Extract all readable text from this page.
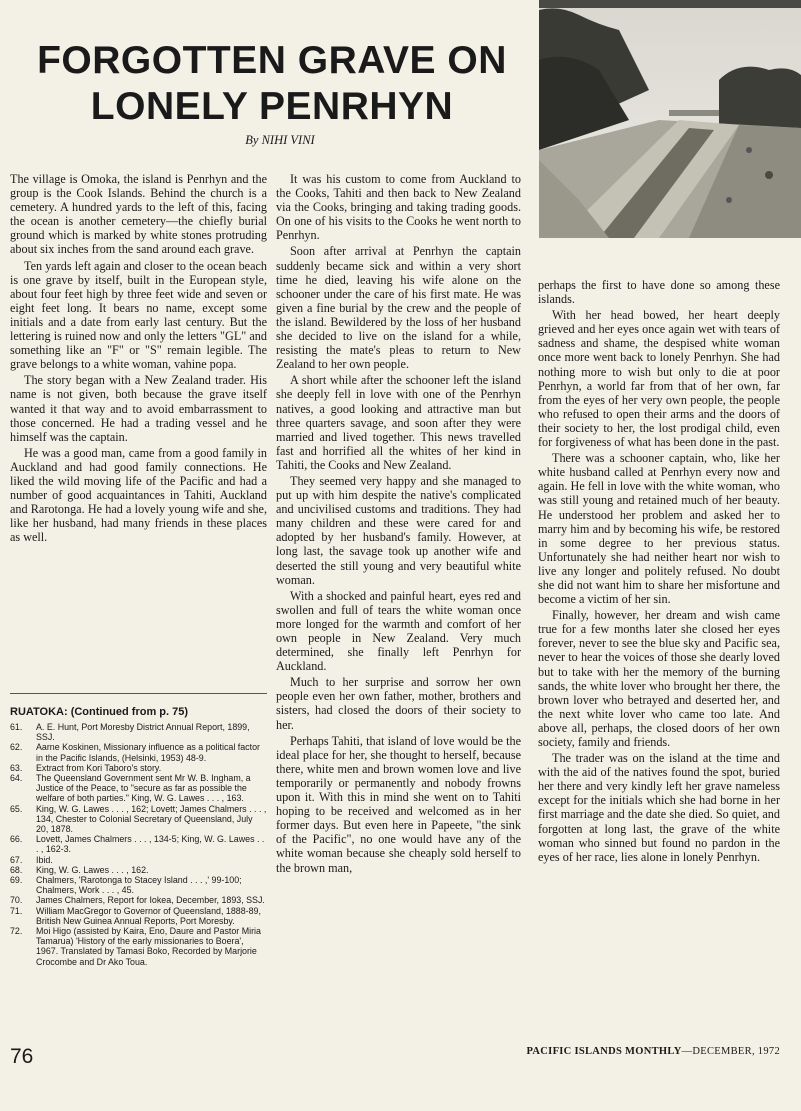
FORGOTTEN GRAVE ON
LONELY PENRHYN
By NIHI VINI

The village is Omoka, the island is Penrhyn and the group is the Cook Islands. Behind the church is a cemetery. A hundred yards to the left of this, facing the ocean is another cemetery—the chiefly burial ground which is marked by white stones protruding about six inches from the sand around each grave.

Ten yards left again and closer to the ocean beach is one grave by itself, built in the European style, about four feet high by three feet wide and seven or eight feet long. It bears no name, except some initials and a date from early last century. But the lettering is ruined now and only the letters "GL" and something like an "F" or "S" remain legible. The grave belongs to a white woman, vahine popa.

The story began with a New Zealand trader. His name is not given, both because the grave itself wanted it that way and to avoid embarrassment to those concerned. He had a trading vessel and he himself was the captain.

He was a good man, came from a good family in Auckland and had good family connections. He liked the wild moving life of the Pacific and had a number of good acquaintances in Tahiti, Auckland and Rarotonga. He had a lovely young wife and she, like her husband, had many friends in these places as well.

It was his custom to come from Auckland to the Cooks, Tahiti and then back to New Zealand via the Cooks, bringing and taking trading goods. On one of his visits to the Cooks he went north to Penrhyn.

Soon after arrival at Penrhyn the captain suddenly became sick and within a very short time he died, leaving his wife alone on the schooner under the care of his first mate. He was given a fine burial by the crew and the people of the island. Bewildered by the loss of her husband she decided to live on the island for a while, resisting the mate's pleas to return to New Zealand to her own people.

A short while after the schooner left the island she deeply fell in love with one of the Penrhyn natives, a good looking and attractive man but three quarters savage, and soon after they were married and lived together. This news travelled fast and horrified all the whites of her kind in Tahiti, the Cooks and New Zealand.

They seemed very happy and she managed to put up with him despite the native's complicated and uncivilised customs and traditions. They had many children and these were cared for and adopted by her husband's family. However, at long last, the savage took up another wife and deserted the still young and very beautiful white woman.

With a shocked and painful heart, eyes red and swollen and full of tears the white woman once more longed for the warmth and comfort of her own people in New Zealand. Very much determined, she finally left Penrhyn for Auckland.

Much to her surprise and sorrow her own people even her own father, mother, brothers and sisters, had closed the doors of their society to her.

Perhaps Tahiti, that island of love would be the ideal place for her, she thought to herself, because there, white men and brown women love and live temporarily or permanently and nobody frowns upon it. With this in mind she went on to Tahiti hoping to be received and welcomed as in her former days. But even here in Papeete, "the sink of the Pacific", no one would have any of the white woman because she cheaply sold herself to the brown man,

perhaps the first to have done so among these islands.

With her head bowed, her heart deeply grieved and her eyes once again wet with tears of sadness and shame, the despised white woman once more went back to lonely Penrhyn. She had nothing more to wish but only to die at poor Penrhyn, a world far from that of her own, far from the eyes of her very own people, the people who refused to open their arms and the doors of their society to her, the lost prodigal child, even for forgiveness of what has been done in the past.

There was a schooner captain, who, like her white husband called at Penrhyn every now and again. He fell in love with the white woman, who was still young and retained much of her beauty. He understood her problem and asked her to marry him and by becoming his wife, be restored in some degree to her previous status. Unfortunately she had neither heart nor wish to live any longer and politely refused. No doubt she did not want him to share her misfortune and become a victim of her sin.

Finally, however, her dream and wish came true for a few months later she closed her eyes forever, never to see the blue sky and Pacific sea, never to hear the voices of those she dearly loved but to take with her the memory of the burning sands, the white lover who brought her there, the brown lover who betrayed and deserted her, and the next white lover who came too late. And above all, perhaps, the closed doors of her own society, family and friends.

The trader was on the island at the time and with the aid of the natives found the spot, buried her there and very kindly left her grave nameless except for the initials which she had borne in her first marriage and the date she died. So quiet, and forgotten at long last, the grave of the white woman who sinned but found no pardon in the eyes of her race, lies alone in lonely Penrhyn.

RUATOKA: (Continued from p. 75)
61.	A. E. Hunt, Port Moresby District Annual Report, 1899, SSJ.
62.	Aarne Koskinen, Missionary influence as a political factor in the Pacific Islands, (Helsinki, 1953) 48-9.
63.	Extract from Kori Taboro's story.
64.	The Queensland Government sent Mr W. B. Ingham, a Justice of the Peace, to "secure as far as possible the welfare of both parties." King, W. G. Lawes . . . , 163.
65.	King, W. G. Lawes . . . , 162; Lovett; James Chalmers . . . , 134, Chester to Colonial Secretary of Queensland, July 20, 1878.
66.	Lovett, James Chalmers . . . , 134-5; King, W. G. Lawes . . . , 162-3.
67.	Ibid.
68.	King, W. G. Lawes . . . , 162.
69.	Chalmers, 'Rarotonga to Stacey Island . . . ,' 99-100; Chalmers, Work . . . , 45.
70.	James Chalmers, Report for Iokea, December, 1893, SSJ.
71.	William MacGregor to Governor of Queensland, 1888-89, British New Guinea Annual Reports, Port Moresby.
72.	Moi Higo (assisted by Kaira, Eno, Daure and Pastor Miria Tamarua) 'History of the early missionaries to Boera', 1967. Translated by Tamasi Boko, Recorded by Marjorie Crocombe and Dr Ako Toua.
76	PACIFIC ISLANDS MONTHLY—DECEMBER, 1972
